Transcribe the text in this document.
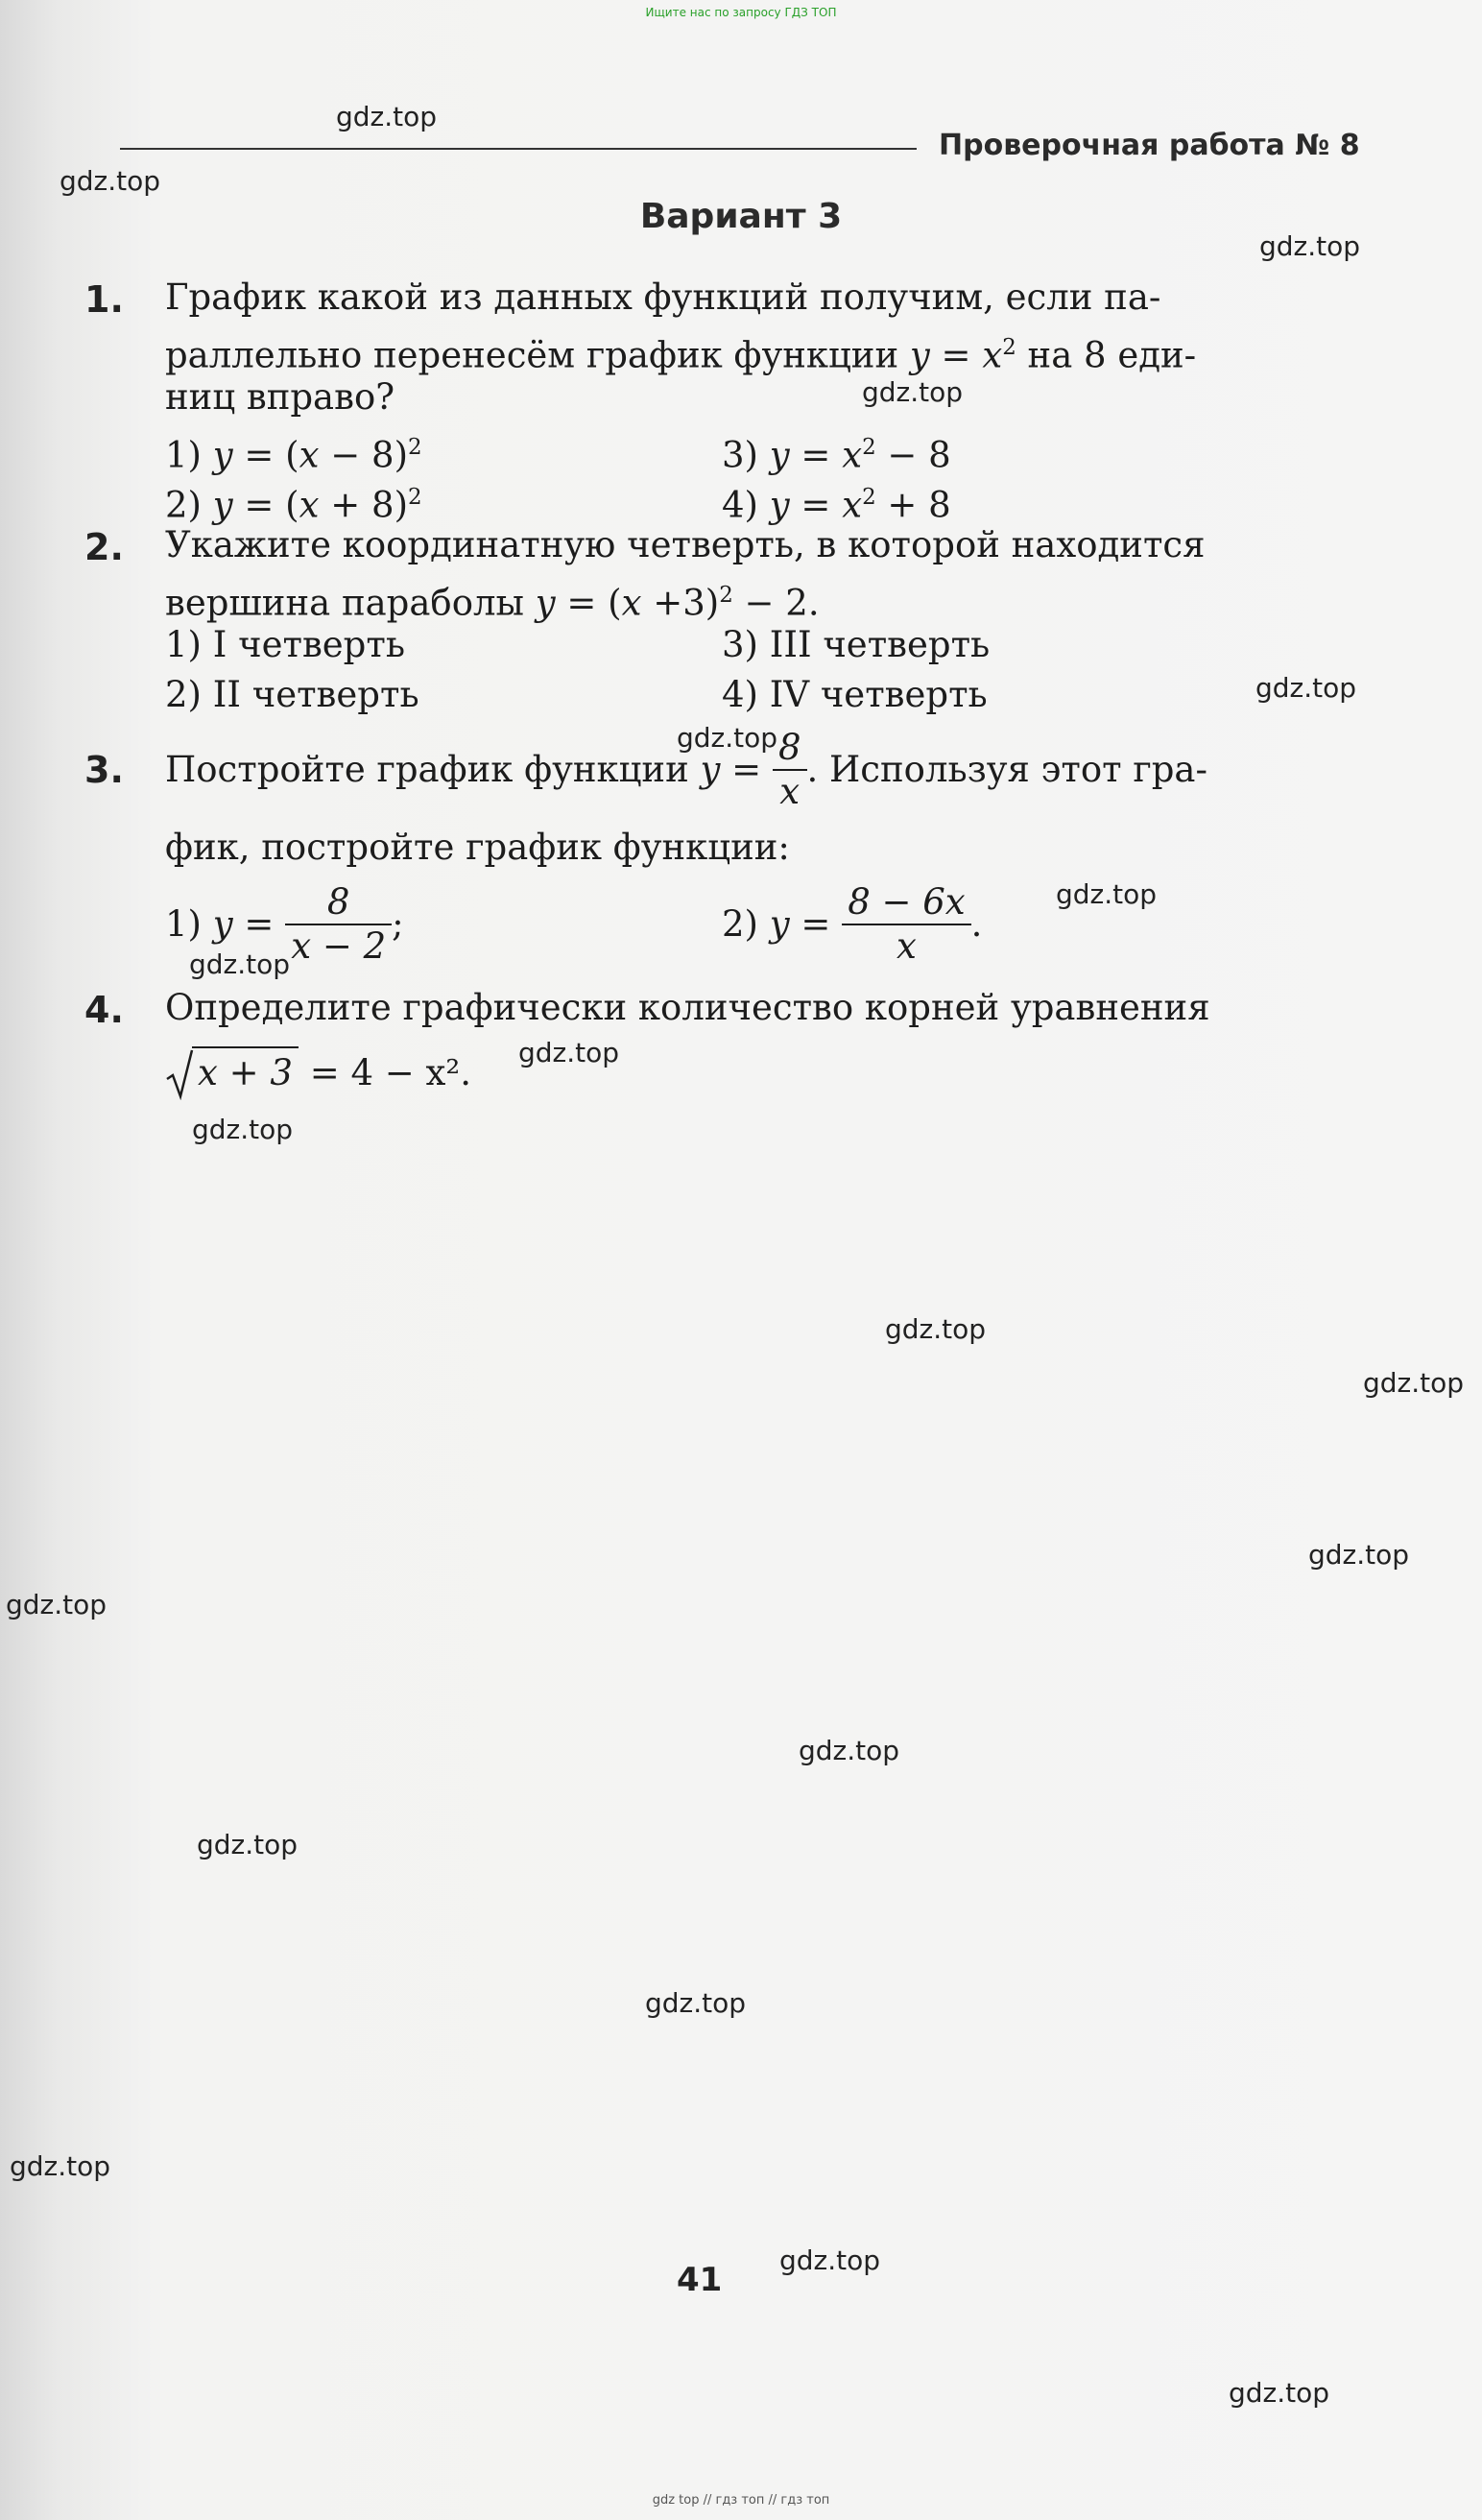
Ищите нас по запросу ГДЗ ТОП
Проверочная работа № 8
Вариант 3
1. График какой из данных функций получим, если па-
раллельно перенесём график функции $y = x^2$ на 8 еди-
ниц вправо?
1) $y = (x - 8)^2$	3) $y = x^2 - 8$
2) $y = (x + 8)^2$	4) $y = x^2 + 8$
2. Укажите координатную четверть, в которой находится
вершина параболы $y = (x +3)^2 - 2$.
1) I четверть	3) III четверть
2) II четверть	4) IV четверть
3. Постройте график функции $y = \frac{8}{x}$ . Используя этот гра-
фик, постройте график функции:
1) $y = \frac{8}{x - 2}$ ;	2) $y = \frac{8 - 6x}{x}$ .
4. Определите графически количество корней уравнения
x + 3 = 4 − x².
gdz.top
gdz.top
gdz.top
gdz.top
gdz.top
gdz.top
gdz.top
gdz.top
gdz.top
gdz.top
gdz.top
gdz.top
gdz.top
gdz.top
gdz.top
gdz.top
gdz.top
gdz.top
gdz.top
gdz.top
41
gdz top // гдз топ // гдз топ
